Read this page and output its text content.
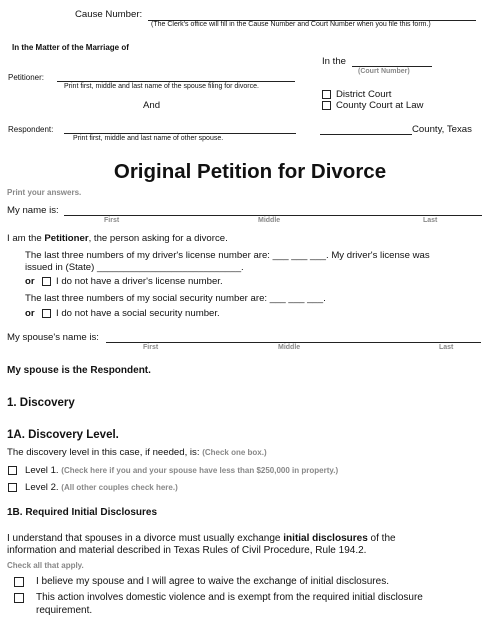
Cause Number:
(The Clerk's office will fill in the Cause Number and Court Number when you file this form.)
In the Matter of the Marriage of
In the
(Court Number)
Petitioner:
Print first, middle and last name of the spouse filing for divorce.
District Court
County Court at Law
And
Respondent:
Print first, middle and last name of other spouse.
County, Texas
Original Petition for Divorce
Print your answers.
My name is:
First	Middle	Last
I am the Petitioner, the person asking for a divorce.
The last three numbers of my driver's license number are: ___ ___ ___. My driver's license was
issued in (State) ___________________________.
or I do not have a driver's license number.
The last three numbers of my social security number are: ___ ___ ___.
or I do not have a social security number.
My spouse's name is:
First	Middle	Last
My spouse is the Respondent.
1. Discovery
1A. Discovery Level.
The discovery level in this case, if needed, is: (Check one box.)
Level 1. (Check here if you and your spouse have less than $250,000 in property.)
Level 2. (All other couples check here.)
1B. Required Initial Disclosures
I understand that spouses in a divorce must usually exchange initial disclosures of the
information and material described in Texas Rules of Civil Procedure, Rule 194.2.
Check all that apply.
I believe my spouse and I will agree to waive the exchange of initial disclosures.
This action involves domestic violence and is exempt from the required initial disclosure
requirement.
